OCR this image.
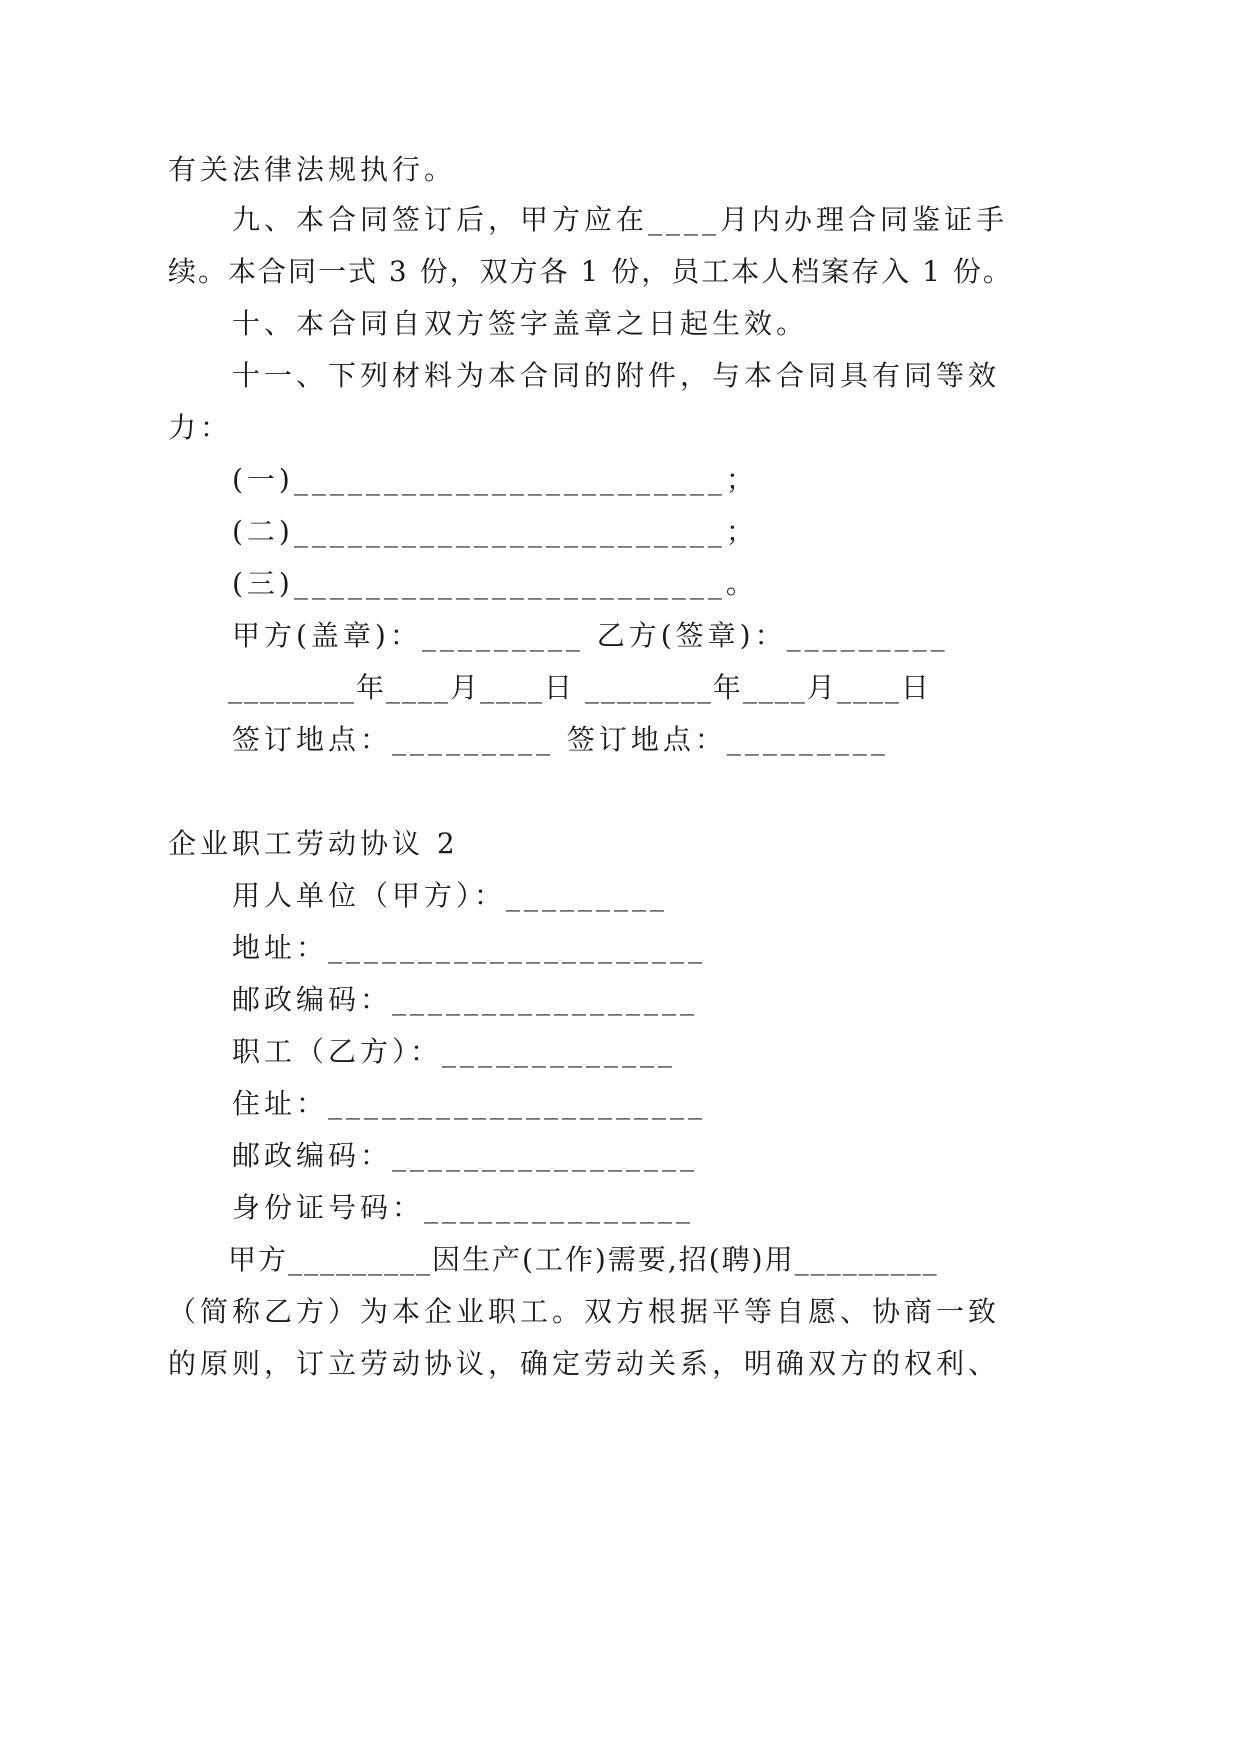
有关法律法规执行。
　　九、本合同签订后，甲方应在____月内办理合同鉴证手
续。本合同一式 3 份，双方各 1 份，员工本人档案存入 1 份。
　　十、本合同自双方签字盖章之日起生效。
　　十一、下列材料为本合同的附件，与本合同具有同等效
力：
　　(一)________________________；
　　(二)________________________；
　　(三)________________________。
　　甲方(盖章)：_________ 乙方(签章)：_________
　　________年____月____日 ________年____月____日
　　签订地点：_________ 签订地点：_________
企业职工劳动协议 2
　　用人单位（甲方）：_________
　　地址：_____________________
　　邮政编码：_________________
　　职工（乙方）：_____________
　　住址：_____________________
　　邮政编码：_________________
　　身份证号码：_______________
　　甲方_________因生产(工作)需要,招(聘)用_________
（简称乙方）为本企业职工。双方根据平等自愿、协商一致
的原则，订立劳动协议，确定劳动关系，明确双方的权利、
